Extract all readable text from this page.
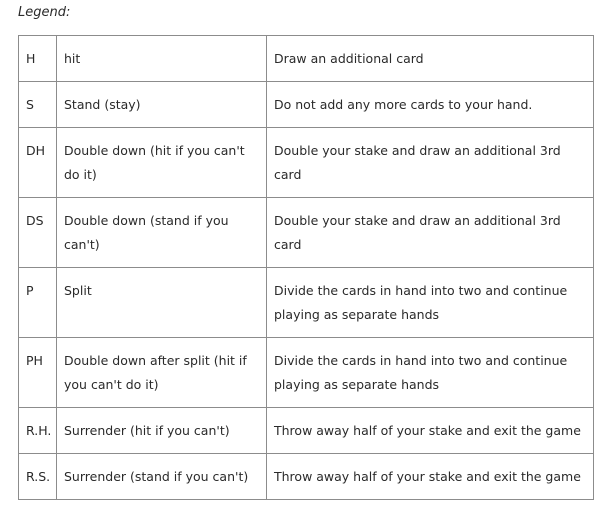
Legend:
H	hit	Draw an additional card
S	Stand (stay)	Do not add any more cards to your hand.
DH	Double down (hit if you can't do it)	Double your stake and draw an additional 3rd card
DS	Double down (stand if you can't)	Double your stake and draw an additional 3rd card
P	Split	Divide the cards in hand into two and continue playing as separate hands
PH	Double down after split (hit if you can't do it)	Divide the cards in hand into two and continue playing as separate hands
R.H.	Surrender (hit if you can't)	Throw away half of your stake and exit the game
R.S.	Surrender (stand if you can't)	Throw away half of your stake and exit the game
